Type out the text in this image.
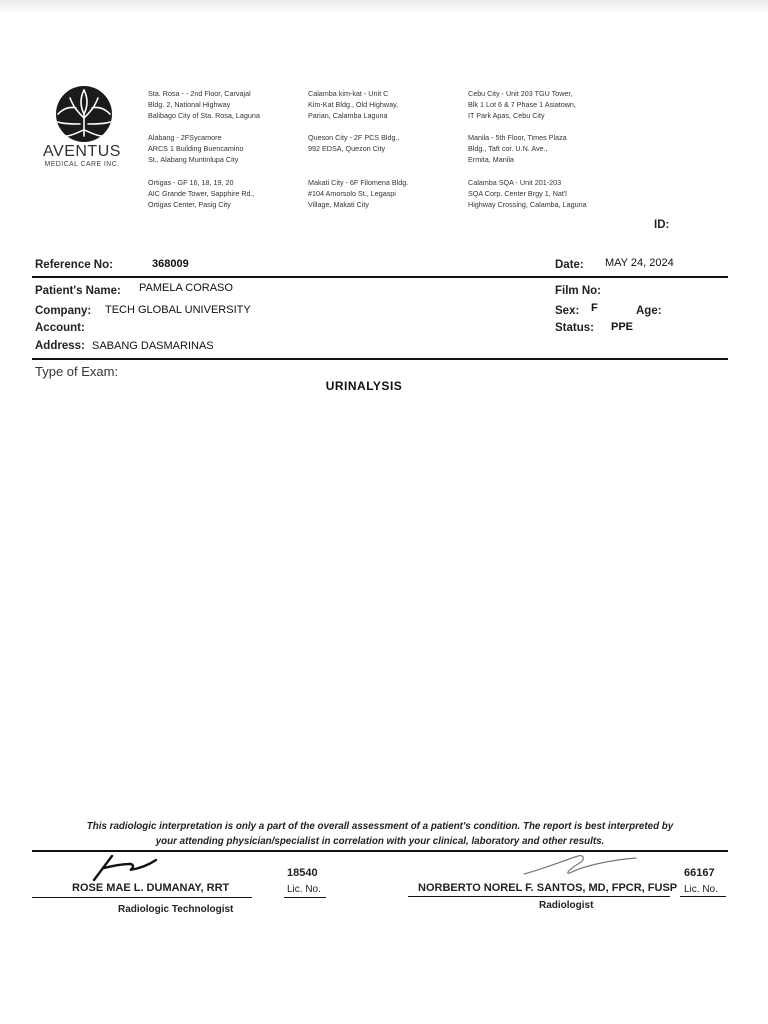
AVENTUS
MEDICAL CARE INC.
Sta. Rosa - - 2nd Floor, Carvajal
Bldg. 2, National Highway
Balibago City of Sta. Rosa, Laguna
Calamba kim-kat - Unit C
Kim-Kat Bldg., Old Highway,
Parian, Calamba Laguna
Cebu City - Unit 203 TGU Tower,
Blk 1 Lot 6 & 7 Phase 1 Asiatown,
IT Park Apas, Cebu City
Alabang - 2FSycamore
ARCS 1 Building Buencamino
St., Alabang Muntinlupa City
Queson City - 2F PCS Bldg.,
992 EDSA, Quezon City
Manila - 5th Floor, Times Plaza
Bldg., Taft cor. U.N. Ave.,
Ermita, Manila
Ortigas - GF 16, 18, 19, 20
AIC Grande Tower, Sapphire Rd.,
Ortigas Center, Pasig City
Makati City - 6F Filomena Bldg.
#104 Amorsolo St., Legaspi
Village, Makati City
Calamba SQA - Unit 201-203
SQA Corp. Center Brgy 1, Nat'l
Highway Crossing, Calamba, Laguna
ID:
Reference No:	368009	Date: MAY 24, 2024
Patient's Name: PAMELA CORASO	Film No:
Company: TECH GLOBAL UNIVERSITY	Sex: F	Age:
Account:	Status: PPE
Address: SABANG DASMARINAS
Type of Exam:
URINALYSIS
This radiologic interpretation is only a part of the overall assessment of a patient's condition. The report is best interpreted by
your attending physician/specialist in correlation with your clinical, laboratory and other results.
ROSE MAE L. DUMANAY, RRT
Radiologic Technologist
18540
Lic. No.	NORBERTO NOREL F. SANTOS, MD, FPCR, FUSP
Radiologist
66167
Lic. No.
